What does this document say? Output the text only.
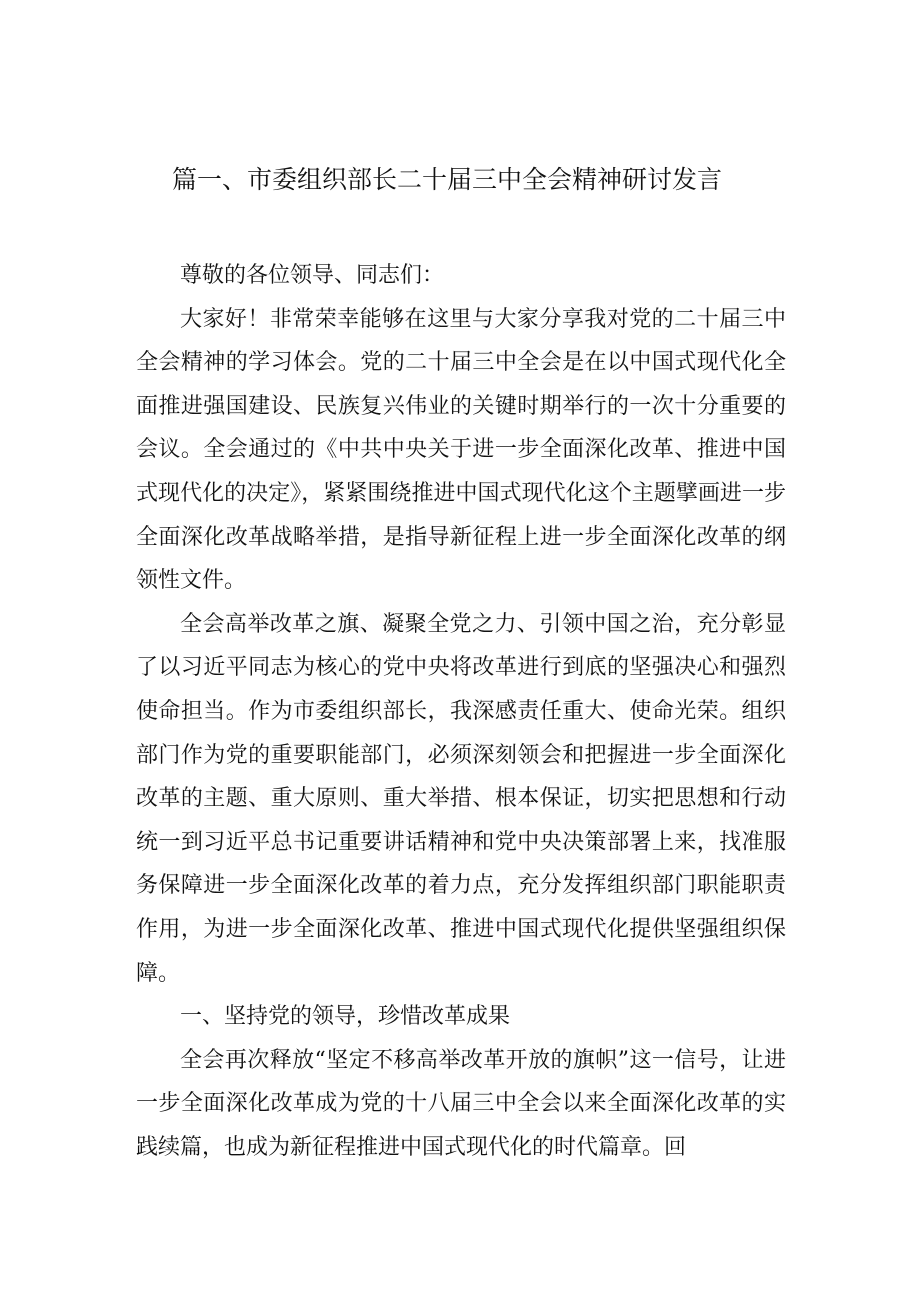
篇一、市委组织部长二十届三中全会精神研讨发言

尊敬的各位领导、同志们：

大家好！非常荣幸能够在这里与大家分享我对党的二十届三中全会精神的学习体会。党的二十届三中全会是在以中国式现代化全面推进强国建设、民族复兴伟业的关键时期举行的一次十分重要的会议。全会通过的《中共中央关于进一步全面深化改革、推进中国式现代化的决定》，紧紧围绕推进中国式现代化这个主题擘画进一步全面深化改革战略举措，是指导新征程上进一步全面深化改革的纲领性文件。

全会高举改革之旗、凝聚全党之力、引领中国之治，充分彰显了以习近平同志为核心的党中央将改革进行到底的坚强决心和强烈使命担当。作为市委组织部长，我深感责任重大、使命光荣。组织部门作为党的重要职能部门，必须深刻领会和把握进一步全面深化改革的主题、重大原则、重大举措、根本保证，切实把思想和行动统一到习近平总书记重要讲话精神和党中央决策部署上来，找准服务保障进一步全面深化改革的着力点，充分发挥组织部门职能职责作用，为进一步全面深化改革、推进中国式现代化提供坚强组织保障。

一、坚持党的领导，珍惜改革成果

全会再次释放“坚定不移高举改革开放的旗帜”这一信号，让进一步全面深化改革成为党的十八届三中全会以来全面深化改革的实践续篇，也成为新征程推进中国式现代化的时代篇章。回
